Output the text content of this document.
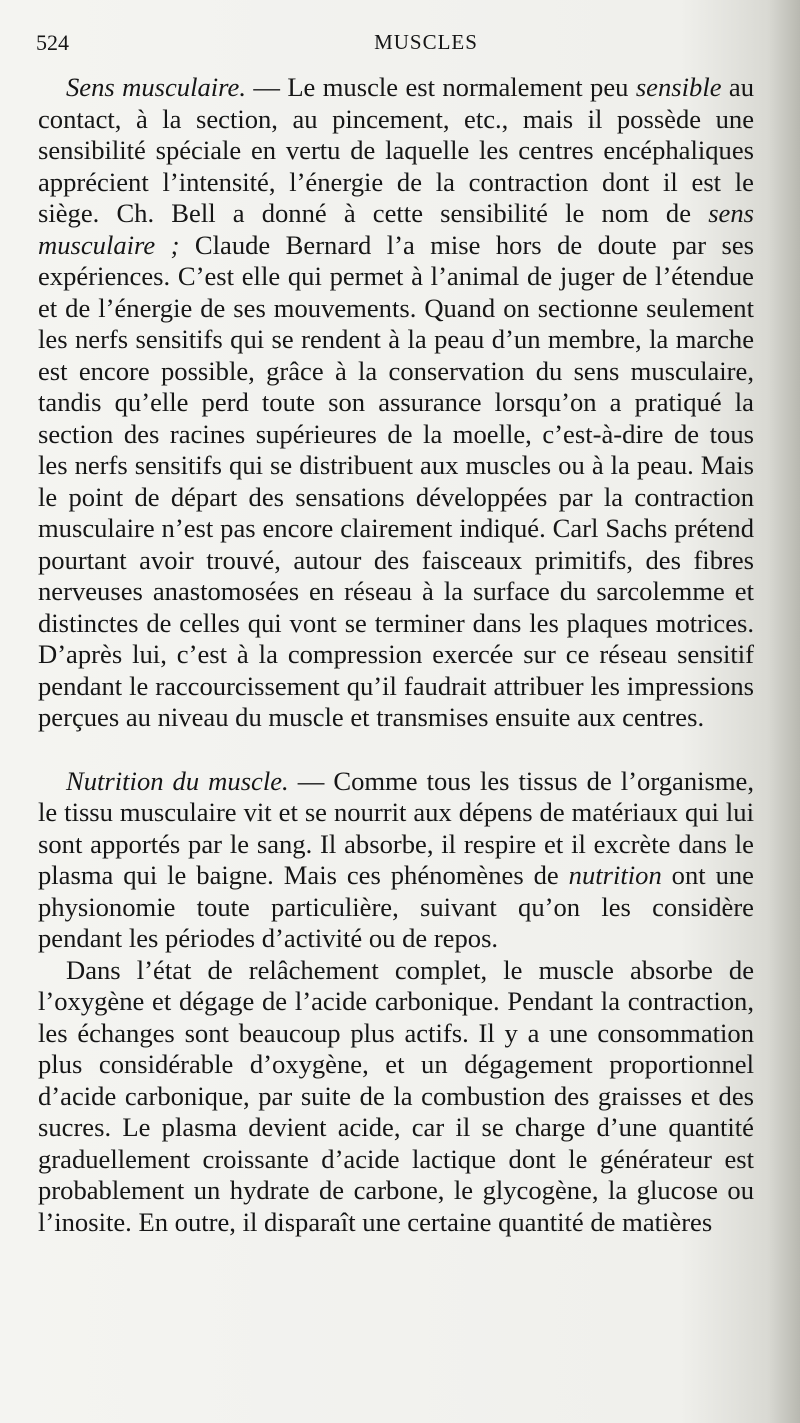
524	MUSCLES

Sens musculaire. — Le muscle est normalement peu sensible au contact, à la section, au pincement, etc., mais il possède une sensibilité spéciale en vertu de laquelle les centres encéphaliques apprécient l’intensité, l’énergie de la contraction dont il est le siège. Ch. Bell a donné à cette sensibilité le nom de sens musculaire ; Claude Bernard l’a mise hors de doute par ses expériences. C’est elle qui permet à l’animal de juger de l’étendue et de l’énergie de ses mouvements. Quand on sectionne seulement les nerfs sensitifs qui se rendent à la peau d’un membre, la marche est encore possible, grâce à la conservation du sens musculaire, tandis qu’elle perd toute son assurance lorsqu’on a pratiqué la section des racines supérieures de la moelle, c’est-à-dire de tous les nerfs sensitifs qui se distribuent aux muscles ou à la peau. Mais le point de départ des sensations développées par la contraction musculaire n’est pas encore clairement indiqué. Carl Sachs prétend pourtant avoir trouvé, autour des faisceaux primitifs, des fibres nerveuses anastomosées en réseau à la surface du sarcolemme et distinctes de celles qui vont se terminer dans les plaques motrices. D’après lui, c’est à la compression exercée sur ce réseau sensitif pendant le raccourcissement qu’il faudrait attribuer les impressions perçues au niveau du muscle et transmises ensuite aux centres.

Nutrition du muscle. — Comme tous les tissus de l’organisme, le tissu musculaire vit et se nourrit aux dépens de matériaux qui lui sont apportés par le sang. Il absorbe, il respire et il excrète dans le plasma qui le baigne. Mais ces phénomènes de nutrition ont une physionomie toute particulière, suivant qu’on les considère pendant les périodes d’activité ou de repos.

Dans l’état de relâchement complet, le muscle absorbe de l’oxygène et dégage de l’acide carbonique. Pendant la contraction, les échanges sont beaucoup plus actifs. Il y a une consommation plus considérable d’oxygène, et un dégagement proportionnel d’acide carbonique, par suite de la combustion des graisses et des sucres. Le plasma devient acide, car il se charge d’une quantité graduellement croissante d’acide lactique dont le générateur est probablement un hydrate de carbone, le glycogène, la glucose ou l’inosite. En outre, il disparaît une certaine quantité de matières
